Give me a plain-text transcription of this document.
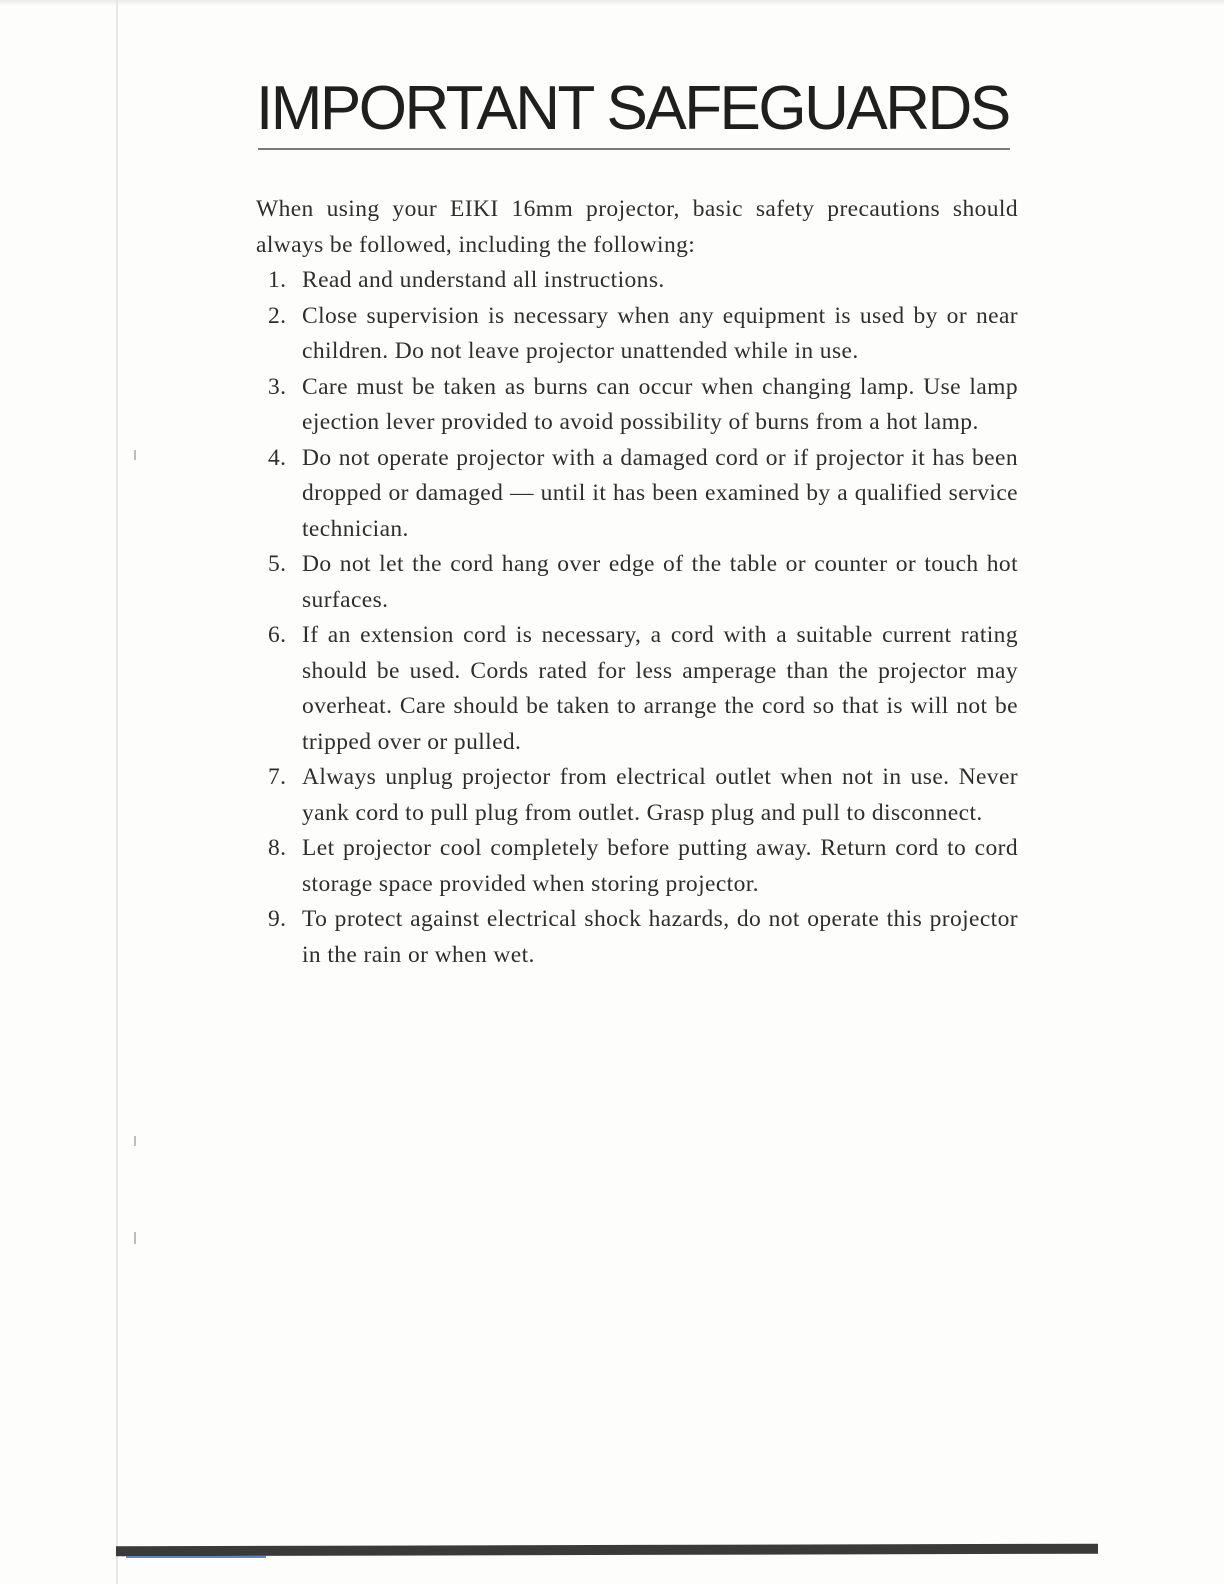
IMPORTANT SAFEGUARDS

When using your EIKI 16mm projector, basic safety precautions should always be followed, including the following:

1. Read and understand all instructions.
2. Close supervision is necessary when any equipment is used by or near children. Do not leave projector unattended while in use.
3. Care must be taken as burns can occur when changing lamp. Use lamp ejection lever provided to avoid possibility of burns from a hot lamp.
4. Do not operate projector with a damaged cord or if projector it has been dropped or damaged — until it has been examined by a qualified service technician.
5. Do not let the cord hang over edge of the table or counter or touch hot surfaces.
6. If an extension cord is necessary, a cord with a suitable current rating should be used. Cords rated for less amperage than the projector may overheat. Care should be taken to arrange the cord so that is will not be tripped over or pulled.
7. Always unplug projector from electrical outlet when not in use. Never yank cord to pull plug from outlet. Grasp plug and pull to disconnect.
8. Let projector cool completely before putting away. Return cord to cord storage space provided when storing projector.
9. To protect against electrical shock hazards, do not operate this projector in the rain or when wet.
